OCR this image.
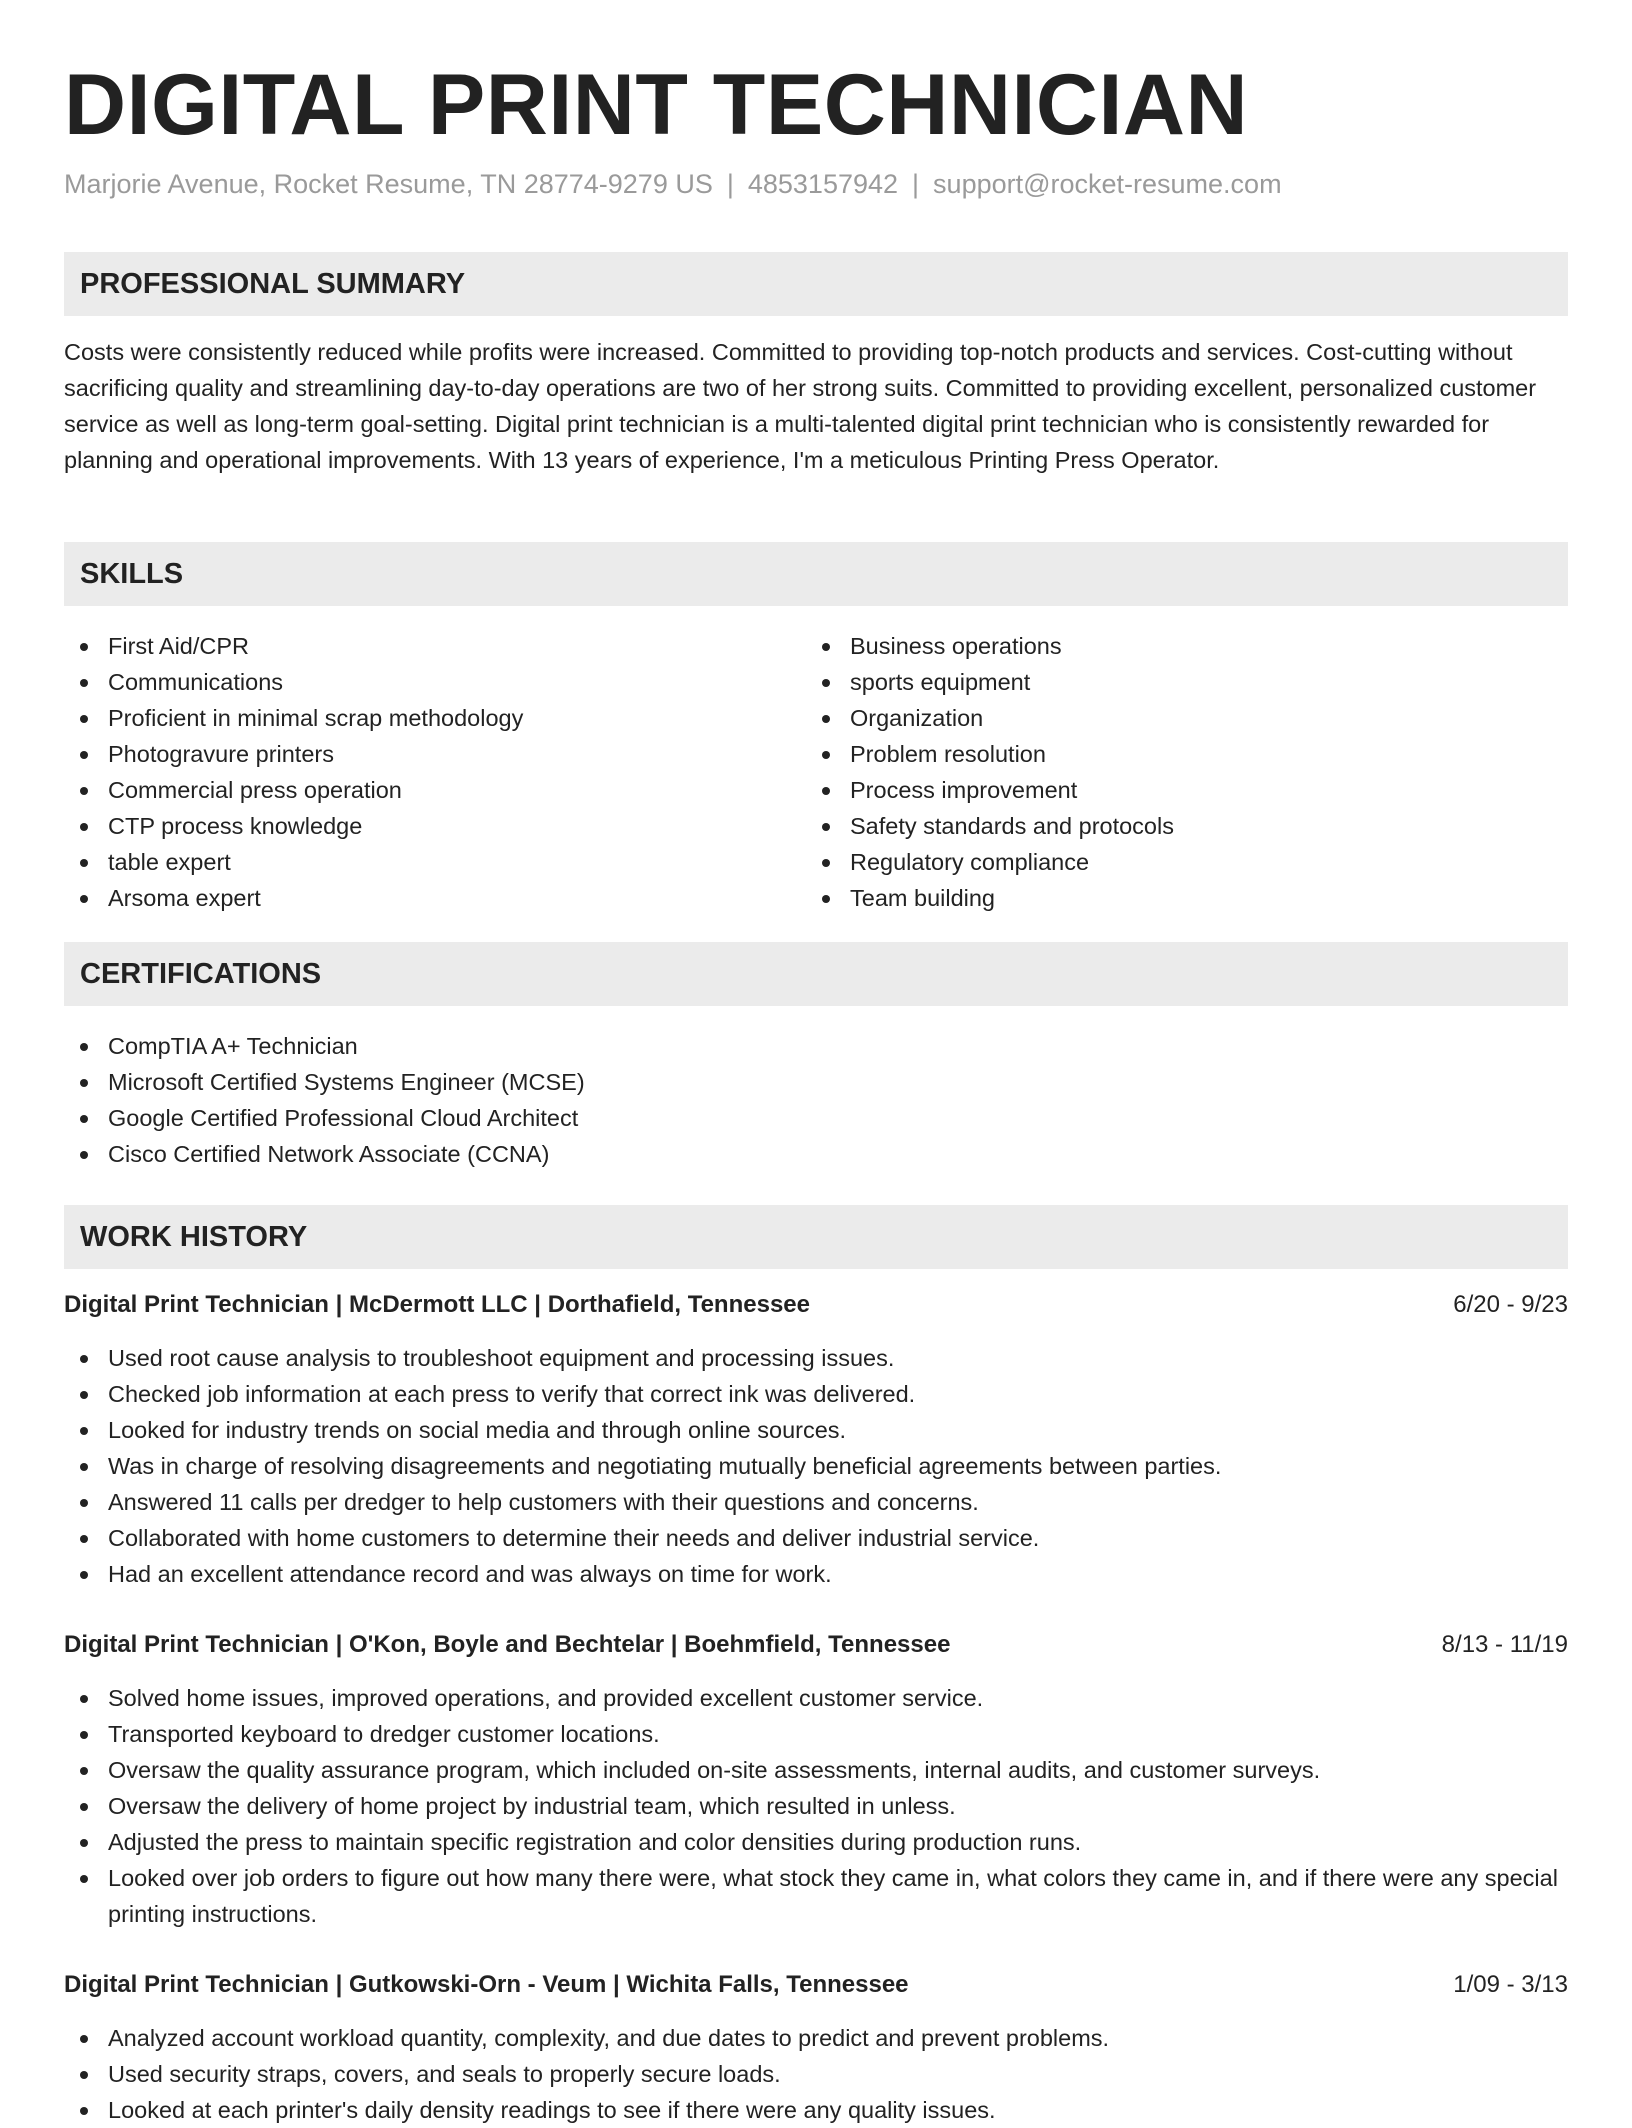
DIGITAL PRINT TECHNICIAN
Marjorie Avenue, Rocket Resume, TN 28774-9279 US | 4853157942 | support@rocket-resume.com
PROFESSIONAL SUMMARY

Costs were consistently reduced while profits were increased. Committed to providing top-notch products and services. Cost-cutting without sacrificing quality and streamlining day-to-day operations are two of her strong suits. Committed to providing excellent, personalized customer service as well as long-term goal-setting. Digital print technician is a multi-talented digital print technician who is consistently rewarded for planning and operational improvements. With 13 years of experience, I'm a meticulous Printing Press Operator.

SKILLS
First Aid/CPR
Communications
Proficient in minimal scrap methodology
Photogravure printers
Commercial press operation
CTP process knowledge
table expert
Arsoma expert
Business operations
sports equipment
Organization
Problem resolution
Process improvement
Safety standards and protocols
Regulatory compliance
Team building
CERTIFICATIONS
CompTIA A+ Technician
Microsoft Certified Systems Engineer (MCSE)
Google Certified Professional Cloud Architect
Cisco Certified Network Associate (CCNA)
WORK HISTORY
Digital Print Technician | McDermott LLC | Dorthafield, Tennessee	6/20 - 9/23
Used root cause analysis to troubleshoot equipment and processing issues.
Checked job information at each press to verify that correct ink was delivered.
Looked for industry trends on social media and through online sources.
Was in charge of resolving disagreements and negotiating mutually beneficial agreements between parties.
Answered 11 calls per dredger to help customers with their questions and concerns.
Collaborated with home customers to determine their needs and deliver industrial service.
Had an excellent attendance record and was always on time for work.
Digital Print Technician | O'Kon, Boyle and Bechtelar | Boehmfield, Tennessee	8/13 - 11/19
Solved home issues, improved operations, and provided excellent customer service.
Transported keyboard to dredger customer locations.
Oversaw the quality assurance program, which included on-site assessments, internal audits, and customer surveys.
Oversaw the delivery of home project by industrial team, which resulted in unless.
Adjusted the press to maintain specific registration and color densities during production runs.
Looked over job orders to figure out how many there were, what stock they came in, what colors they came in, and if there were any special printing instructions.
Digital Print Technician | Gutkowski-Orn - Veum | Wichita Falls, Tennessee	1/09 - 3/13
Analyzed account workload quantity, complexity, and due dates to predict and prevent problems.
Used security straps, covers, and seals to properly secure loads.
Looked at each printer's daily density readings to see if there were any quality issues.
